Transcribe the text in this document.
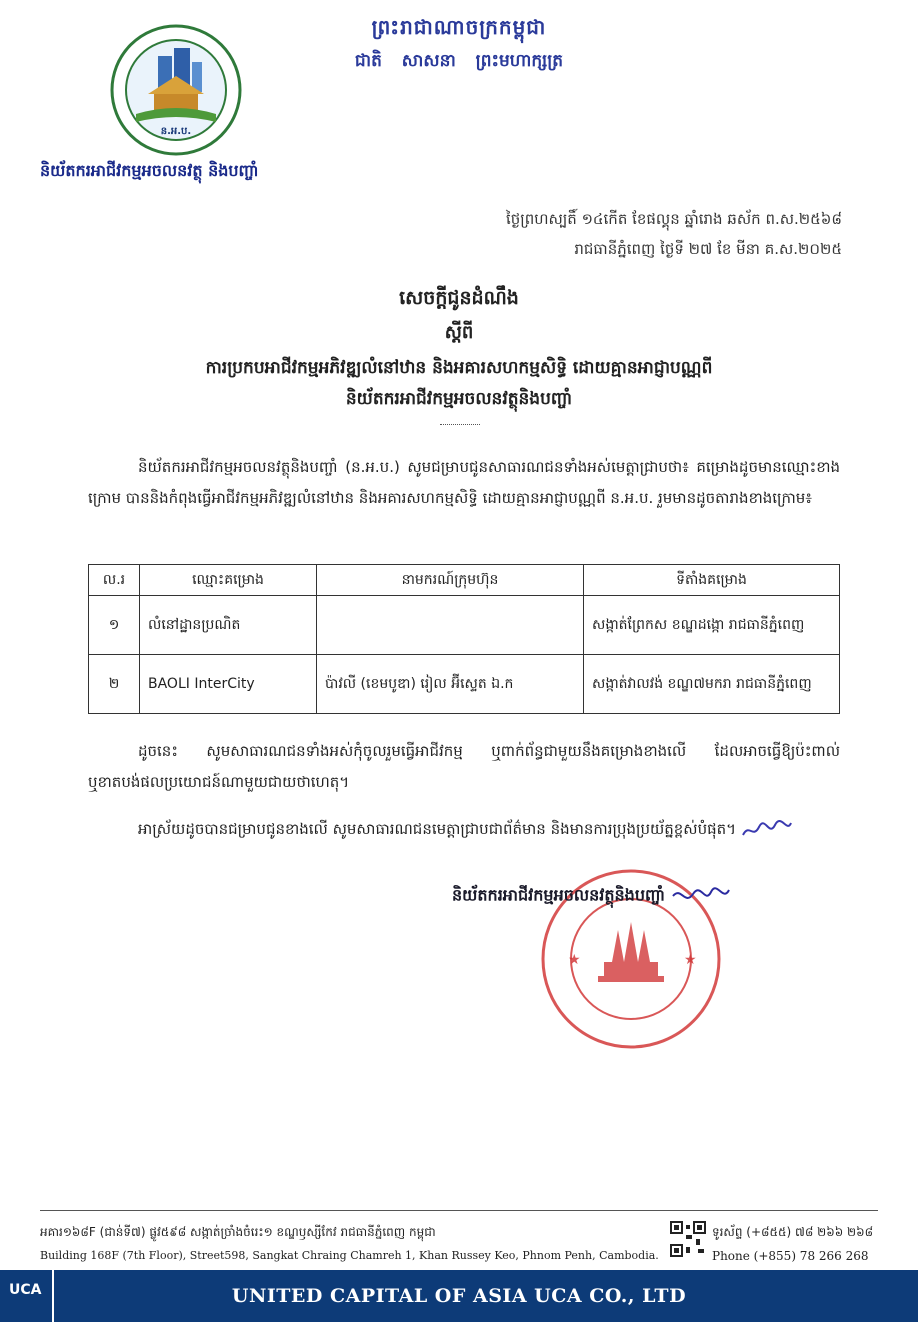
ព្រះរាជាណាចក្រកម្ពុជា
ជាតិ សាសនា ព្រះមហាក្សត្រ
ន.អ.ប.
និយ័តករអាជីវកម្មអចលនវត្ថុ និងបញ្ចាំ
ថ្ងៃព្រហស្បតិ៍ ១៤កើត ខែផល្គុន ឆ្នាំរោង ឆស័ក ព.ស.២៥៦៨
រាជធានីភ្នំពេញ ថ្ងៃទី ២៧ ខែ មីនា គ.ស.២០២៥
សេចក្តីជូនដំណឹង
ស្តីពី
ការប្រកបអាជីវកម្មអភិវឌ្ឍលំនៅឋាន និងអគារសហកម្មសិទ្ធិ ដោយគ្មានអាជ្ញាបណ្ណពី
និយ័តករអាជីវកម្មអចលនវត្ថុនិងបញ្ចាំ
និយ័តករអាជីវកម្មអចលនវត្ថុនិងបញ្ចាំ (ន.អ.ប.) សូមជម្រាបជូនសាធារណជនទាំងអស់មេត្តាជ្រាបថា៖ គម្រោងដូចមានឈ្មោះខាងក្រោម បាននិងកំពុងធ្វើអាជីវកម្មអភិវឌ្ឍលំនៅឋាន និងអគារសហកម្មសិទ្ធិ ដោយគ្មានអាជ្ញាបណ្ណពី ន.អ.ប. រួមមានដូចតារាងខាងក្រោម៖
ល.រ	ឈ្មោះគម្រោង	នាមករណ៍ក្រុមហ៊ុន	ទីតាំងគម្រោង
១	លំនៅដ្ឋានប្រណិត		សង្កាត់ព្រែកស ខណ្ឌដង្កោ រាជធានីភ្នំពេញ
២	BAOLI InterCity	ប៉ាវលី (ខេមបូឌា) រៀល អ៊ីស្ទេត ឯ.ក	សង្កាត់វាលវង់ ខណ្ឌ៧មករា រាជធានីភ្នំពេញ
ដូចនេះ សូមសាធារណជនទាំងអស់កុំចូលរួមធ្វើអាជីវកម្ម ឬពាក់ព័ន្ធជាមួយនឹងគម្រោងខាងលើ ដែលអាចធ្វើឱ្យប៉ះពាល់ ឬខាតបង់ផលប្រយោជន៍ណាមួយជាយថាហេតុ។
អាស្រ័យដូចបានជម្រាបជូនខាងលើ សូមសាធារណជនមេត្តាជ្រាបជាព័ត៌មាន និងមានការប្រុងប្រយ័ត្នខ្ពស់បំផុត។
★	★
និយ័តករអាជីវកម្មអចលនវត្ថុនិងបញ្ចាំ
អគារ១៦៨F (ជាន់ទី៧) ផ្លូវ៥៩៨ សង្កាត់ច្រាំងចំរេះ១ ខណ្ឌឫស្សីកែវ រាជធានីភ្នំពេញ កម្ពុជា
Building 168F (7th Floor), Street598, Sangkat Chraing Chamreh 1, Khan Russey Keo, Phnom Penh, Cambodia.
ទូរស័ព្ទ (+៨៥៥) ៧៨ ២៦៦ ២៦៨
Phone (+855) 78 266 268
UNITED CAPITAL OF ASIA UCA CO., LTD
UCA
